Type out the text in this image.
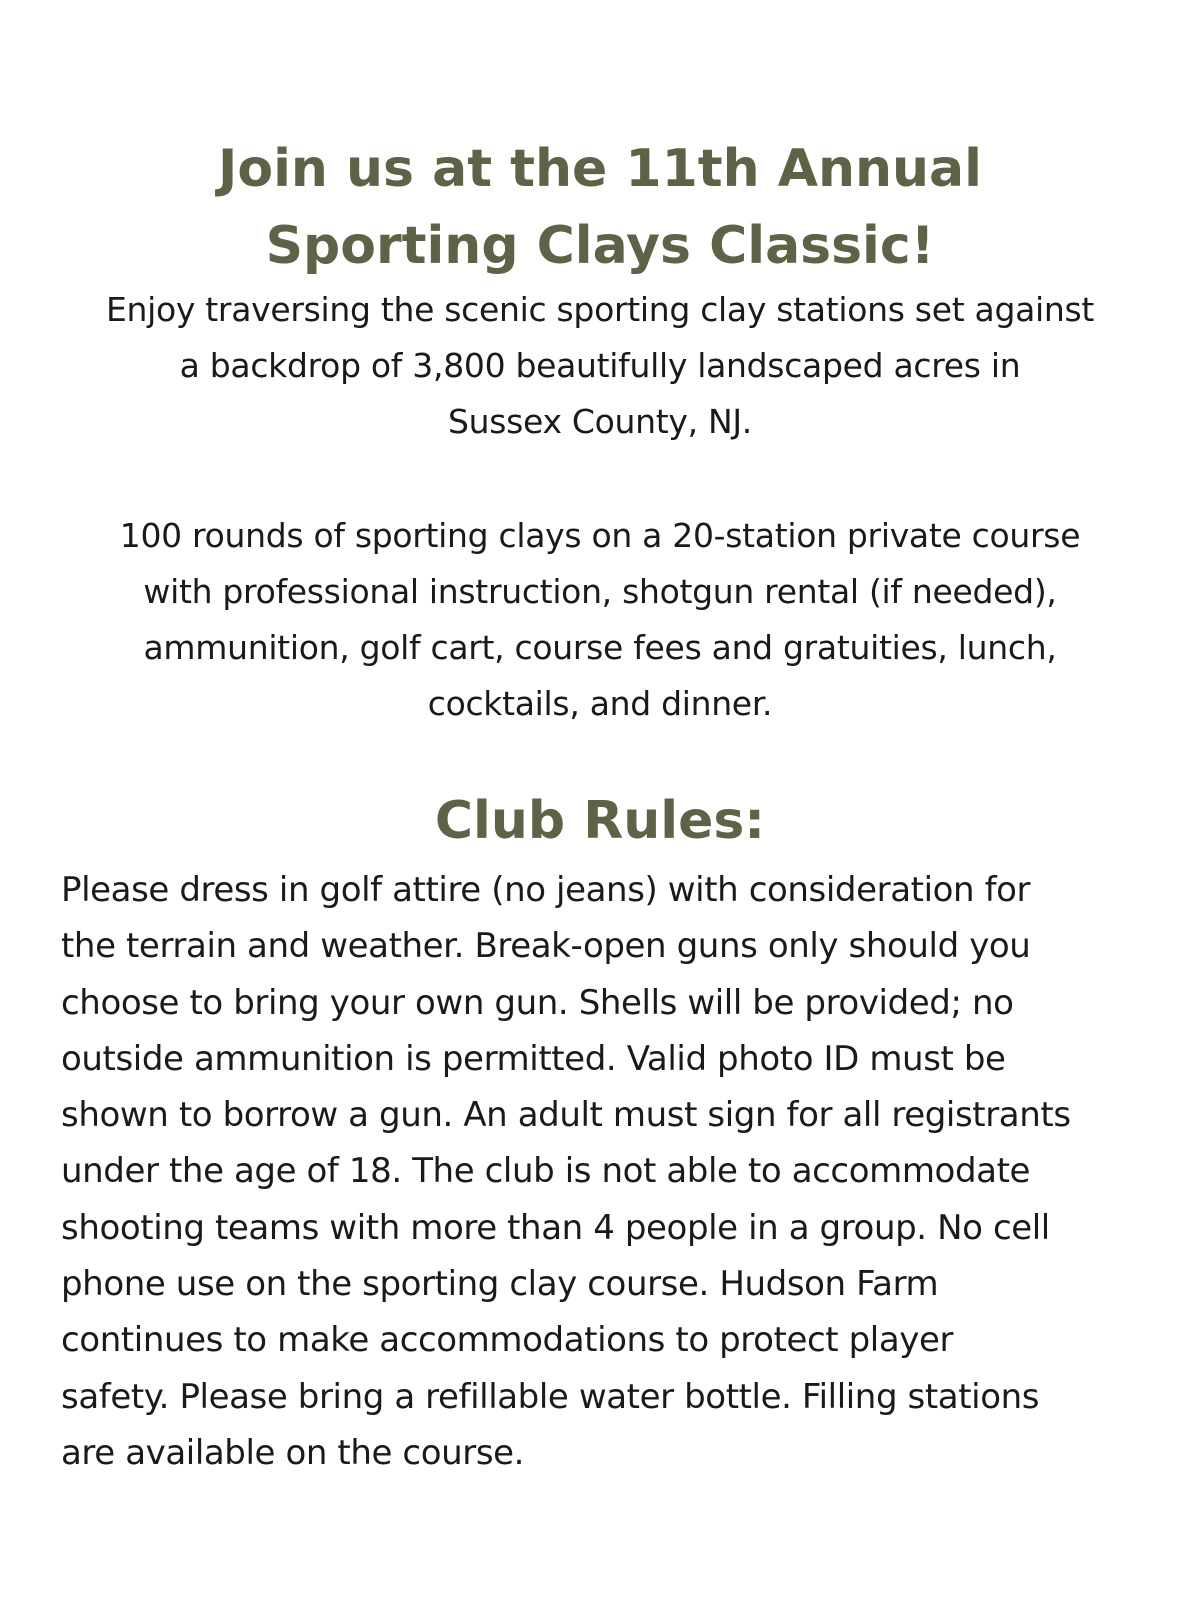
Join us at the 11th Annual
Sporting Clays Classic!

Enjoy traversing the scenic sporting clay stations set against
a backdrop of 3,800 beautifully landscaped acres in
Sussex County, NJ.

100 rounds of sporting clays on a 20-station private course
with professional instruction, shotgun rental (if needed),
ammunition, golf cart, course fees and gratuities, lunch,
cocktails, and dinner.

Club Rules:

Please dress in golf attire (no jeans) with consideration for
the terrain and weather. Break-open guns only should you
choose to bring your own gun. Shells will be provided; no
outside ammunition is permitted. Valid photo ID must be
shown to borrow a gun. An adult must sign for all registrants
under the age of 18. The club is not able to accommodate
shooting teams with more than 4 people in a group. No cell
phone use on the sporting clay course. Hudson Farm
continues to make accommodations to protect player
safety. Please bring a refillable water bottle. Filling stations
are available on the course.
